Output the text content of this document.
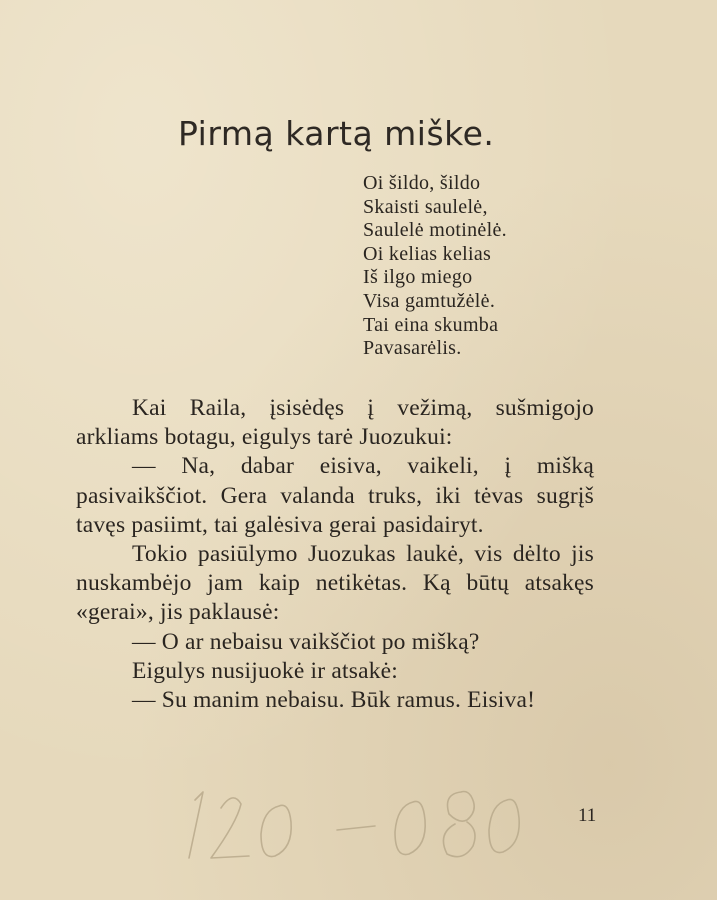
Pirmą kartą miške.
Oi šildo, šildo
Skaisti saulelė,
Saulelė motinėlė.
Oi kelias kelias
Iš ilgo miego
Visa gamtužėlė.
Tai eina skumba
Pavasarėlis.

Kai Raila, įsisėdęs į vežimą, sušmigojo arkliams botagu, eigulys tarė Juozukui:

— Na, dabar eisiva, vaikeli, į mišką pasivaikščiot. Gera valanda truks, iki tėvas sugrįš tavęs pasiimt, tai galėsiva gerai pasidairyt.

Tokio pasiūlymo Juozukas laukė, vis dėlto jis nuskambėjo jam kaip netikėtas. Ką būtų atsakęs «gerai», jis paklausė:

— O ar nebaisu vaikščiot po mišką?

Eigulys nusijuokė ir atsakė:

— Su manim nebaisu. Būk ramus. Eisiva!

11
